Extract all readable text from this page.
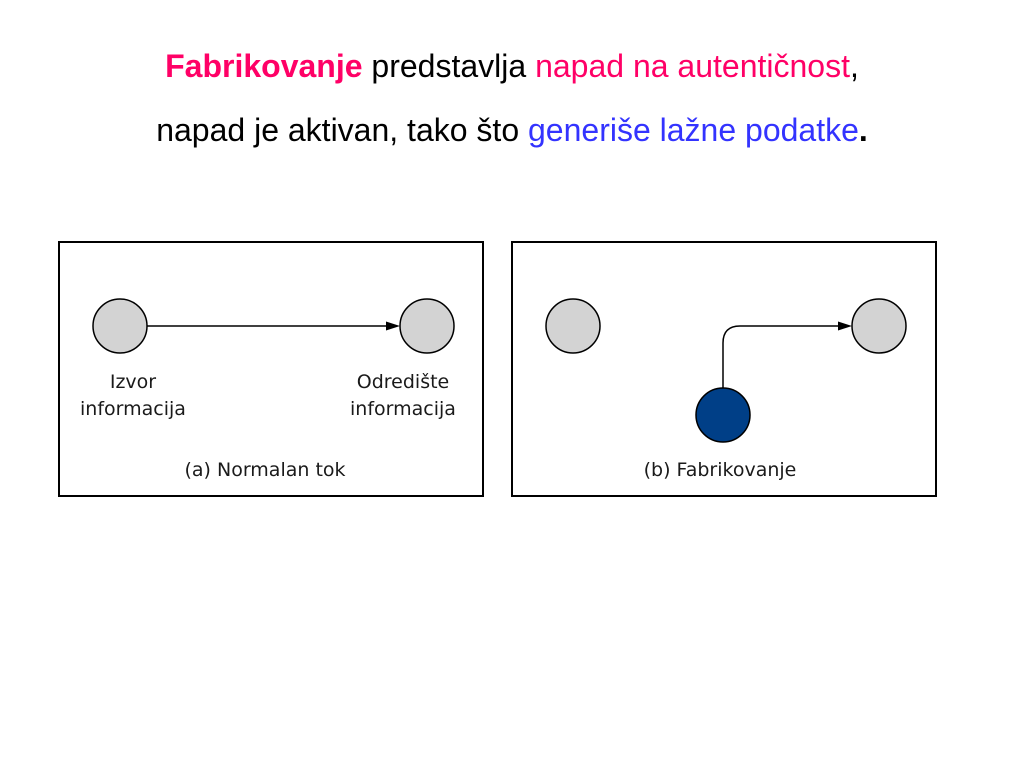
Fabrikovanje predstavlja napad na autentičnost,
napad je aktivan, tako što generiše lažne podatke.
Izvor
informacija
Odredište
informacija
(a) Normalan tok	(b) Fabrikovanje
